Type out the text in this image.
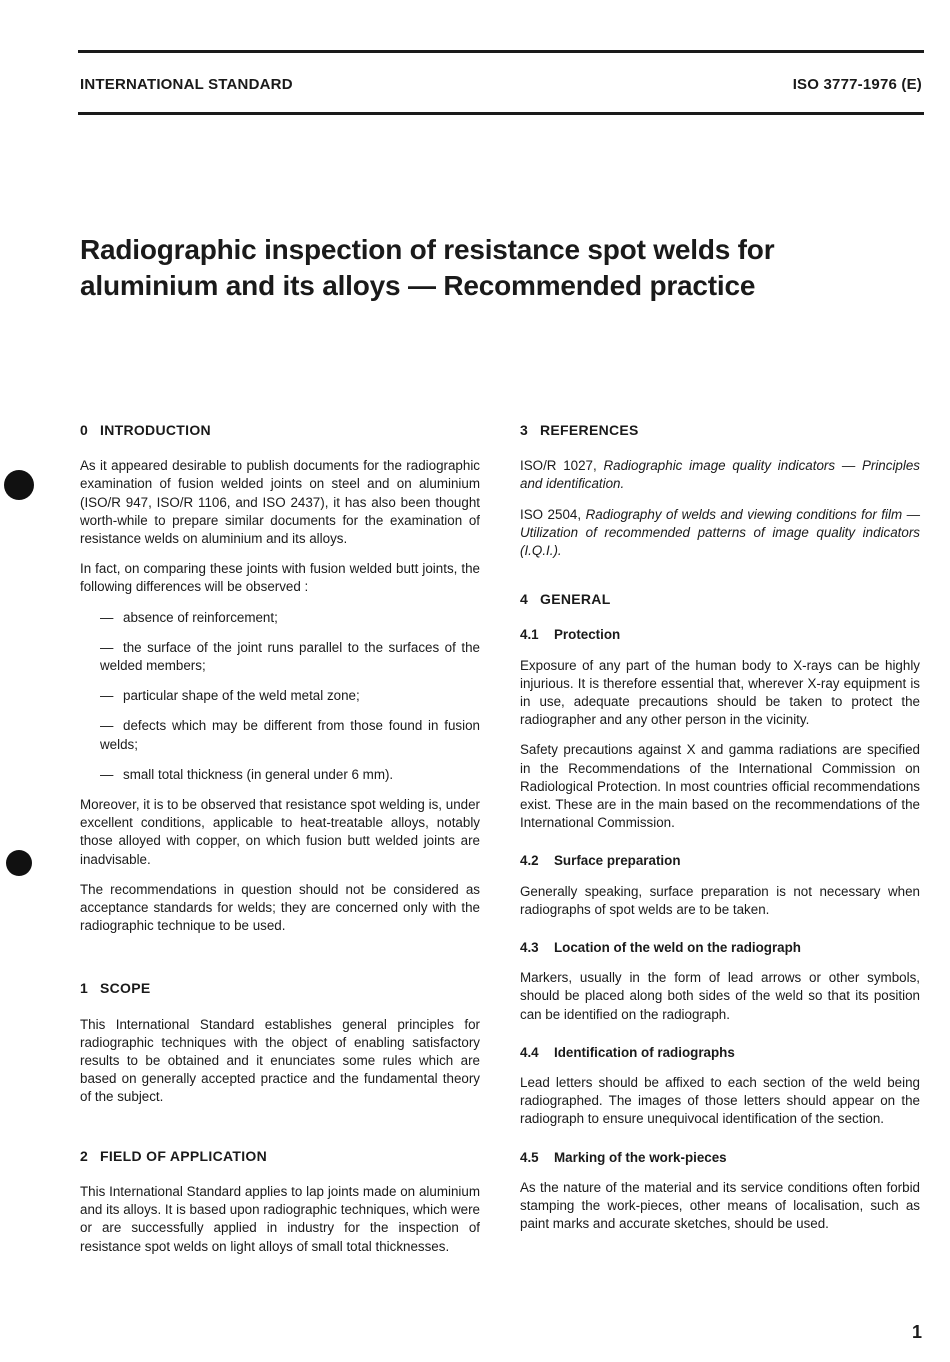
INTERNATIONAL STANDARD	ISO 3777-1976 (E)
Radiographic inspection of resistance spot welds for
aluminium and its alloys — Recommended practice
0 INTRODUCTION

As it appeared desirable to publish documents for the radiographic examination of fusion welded joints on steel and on aluminium (ISO/R 947, ISO/R 1106, and ISO 2437), it has also been thought worth-while to prepare similar documents for the examination of resistance welds on aluminium and its alloys.

In fact, on comparing these joints with fusion welded butt joints, the following differences will be observed :

— absence of reinforcement;
— the surface of the joint runs parallel to the surfaces of the welded members;
— particular shape of the weld metal zone;
— defects which may be different from those found in fusion welds;
— small total thickness (in general under 6 mm).

Moreover, it is to be observed that resistance spot welding is, under excellent conditions, applicable to heat-treatable alloys, notably those alloyed with copper, on which fusion butt welded joints are inadvisable.

The recommendations in question should not be considered as acceptance standards for welds; they are concerned only with the radiographic technique to be used.

1 SCOPE

This International Standard establishes general principles for radiographic techniques with the object of enabling satisfactory results to be obtained and it enunciates some rules which are based on generally accepted practice and the fundamental theory of the subject.

2 FIELD OF APPLICATION

This International Standard applies to lap joints made on aluminium and its alloys. It is based upon radiographic techniques, which were or are successfully applied in industry for the inspection of resistance spot welds on light alloys of small total thicknesses.

3 REFERENCES

ISO/R 1027, Radiographic image quality indicators — Principles and identification.

ISO 2504, Radiography of welds and viewing conditions for film — Utilization of recommended patterns of image quality indicators (I.Q.I.).

4 GENERAL
4.1 Protection

Exposure of any part of the human body to X-rays can be highly injurious. It is therefore essential that, wherever X-ray equipment is in use, adequate precautions should be taken to protect the radiographer and any other person in the vicinity.

Safety precautions against X and gamma radiations are specified in the Recommendations of the International Commission on Radiological Protection. In most countries official recommendations exist. These are in the main based on the recommendations of the International Commission.

4.2 Surface preparation

Generally speaking, surface preparation is not necessary when radiographs of spot welds are to be taken.

4.3 Location of the weld on the radiograph

Markers, usually in the form of lead arrows or other symbols, should be placed along both sides of the weld so that its position can be identified on the radiograph.

4.4 Identification of radiographs

Lead letters should be affixed to each section of the weld being radiographed. The images of those letters should appear on the radiograph to ensure unequivocal identification of the section.

4.5 Marking of the work-pieces

As the nature of the material and its service conditions often forbid stamping the work-pieces, other means of localisation, such as paint marks and accurate sketches, should be used.

1
